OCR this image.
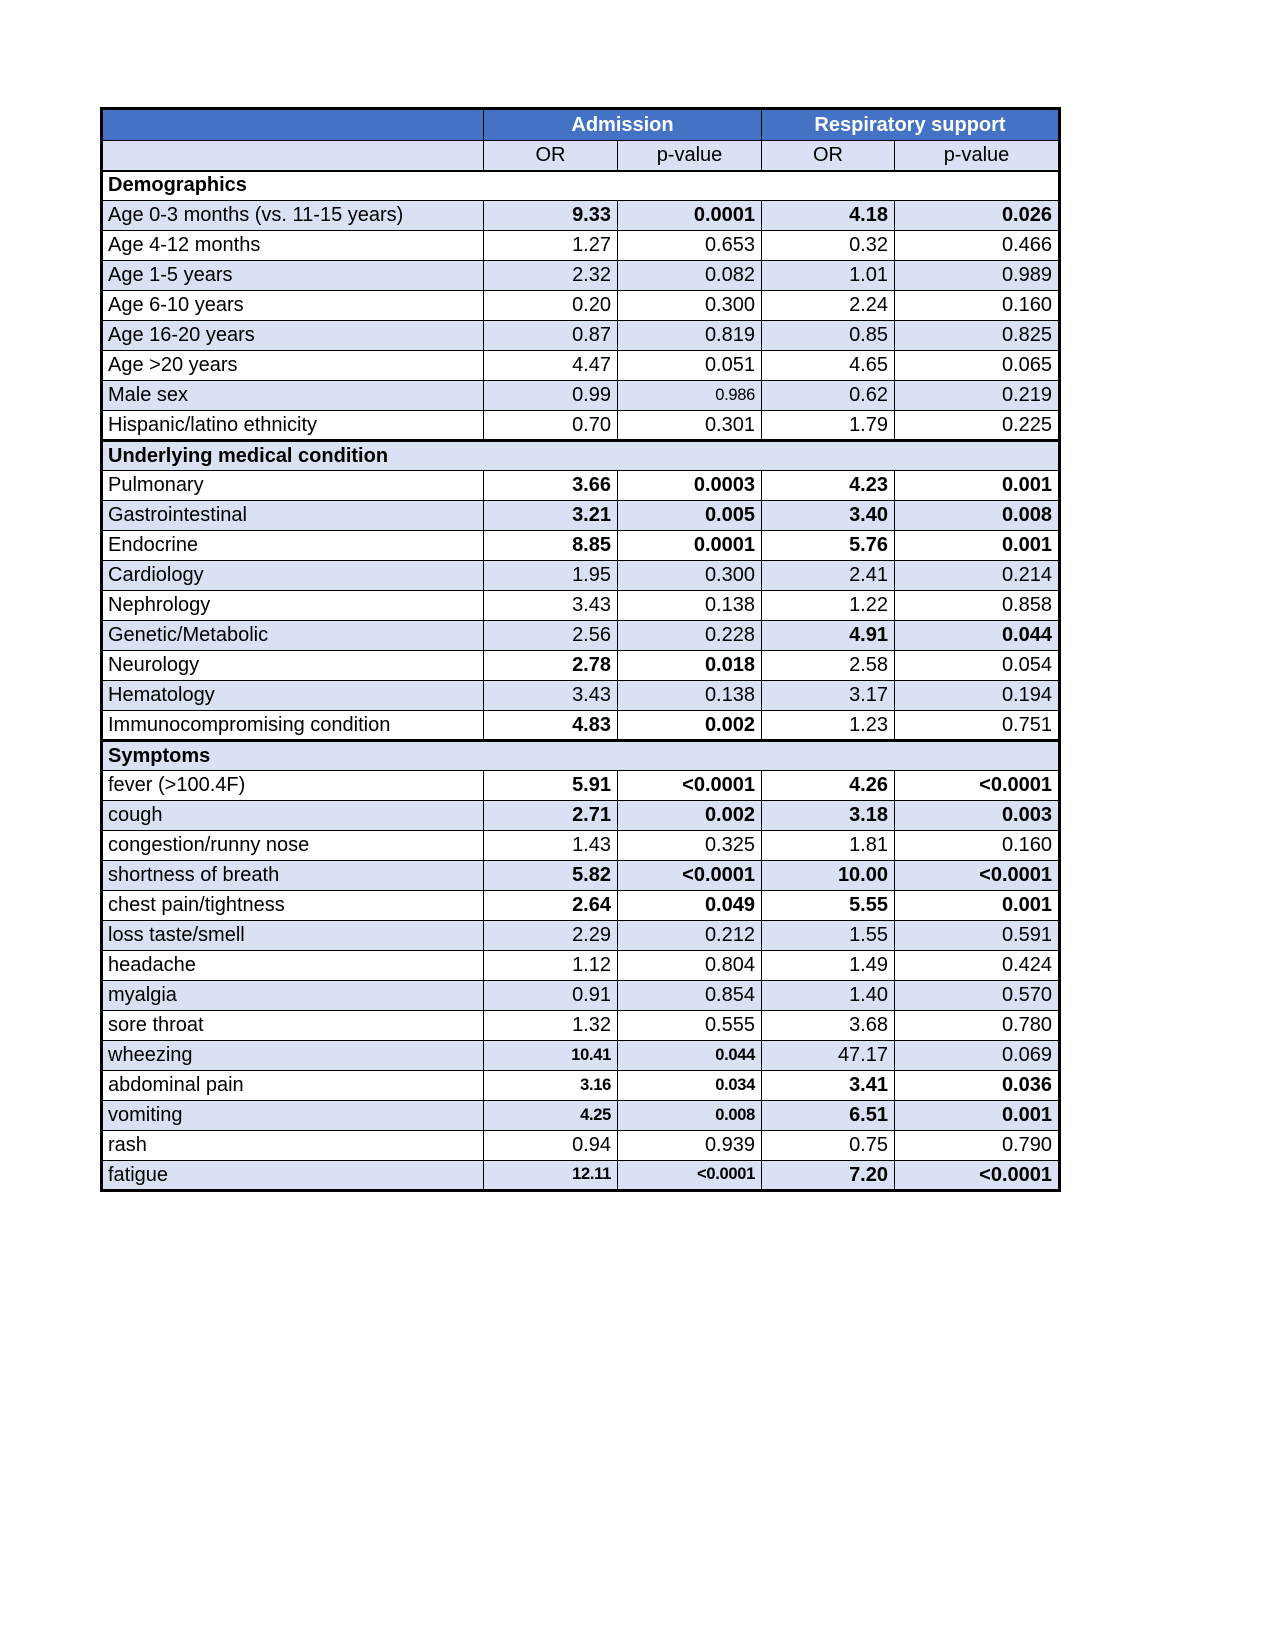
	Admission		Respiratory support	
	OR	p-value	OR	p-value
Demographics				
Age 0-3 months (vs. 11-15 years)	9.33	0.0001	4.18	0.026
Age 4-12 months	1.27	0.653	0.32	0.466
Age 1-5 years	2.32	0.082	1.01	0.989
Age 6-10 years	0.20	0.300	2.24	0.160
Age 16-20 years	0.87	0.819	0.85	0.825
Age >20 years	4.47	0.051	4.65	0.065
Male sex	0.99	0.986	0.62	0.219
Hispanic/latino ethnicity	0.70	0.301	1.79	0.225
Underlying medical condition				
Pulmonary	3.66	0.0003	4.23	0.001
Gastrointestinal	3.21	0.005	3.40	0.008
Endocrine	8.85	0.0001	5.76	0.001
Cardiology	1.95	0.300	2.41	0.214
Nephrology	3.43	0.138	1.22	0.858
Genetic/Metabolic	2.56	0.228	4.91	0.044
Neurology	2.78	0.018	2.58	0.054
Hematology	3.43	0.138	3.17	0.194
Immunocompromising condition	4.83	0.002	1.23	0.751
Symptoms				
fever (>100.4F)	5.91	<0.0001	4.26	<0.0001
cough	2.71	0.002	3.18	0.003
congestion/runny nose	1.43	0.325	1.81	0.160
shortness of breath	5.82	<0.0001	10.00	<0.0001
chest pain/tightness	2.64	0.049	5.55	0.001
loss taste/smell	2.29	0.212	1.55	0.591
headache	1.12	0.804	1.49	0.424
myalgia	0.91	0.854	1.40	0.570
sore throat	1.32	0.555	3.68	0.780
wheezing	10.41	0.044	47.17	0.069
abdominal pain	3.16	0.034	3.41	0.036
vomiting	4.25	0.008	6.51	0.001
rash	0.94	0.939	0.75	0.790
fatigue	12.11	<0.0001	7.20	<0.0001
